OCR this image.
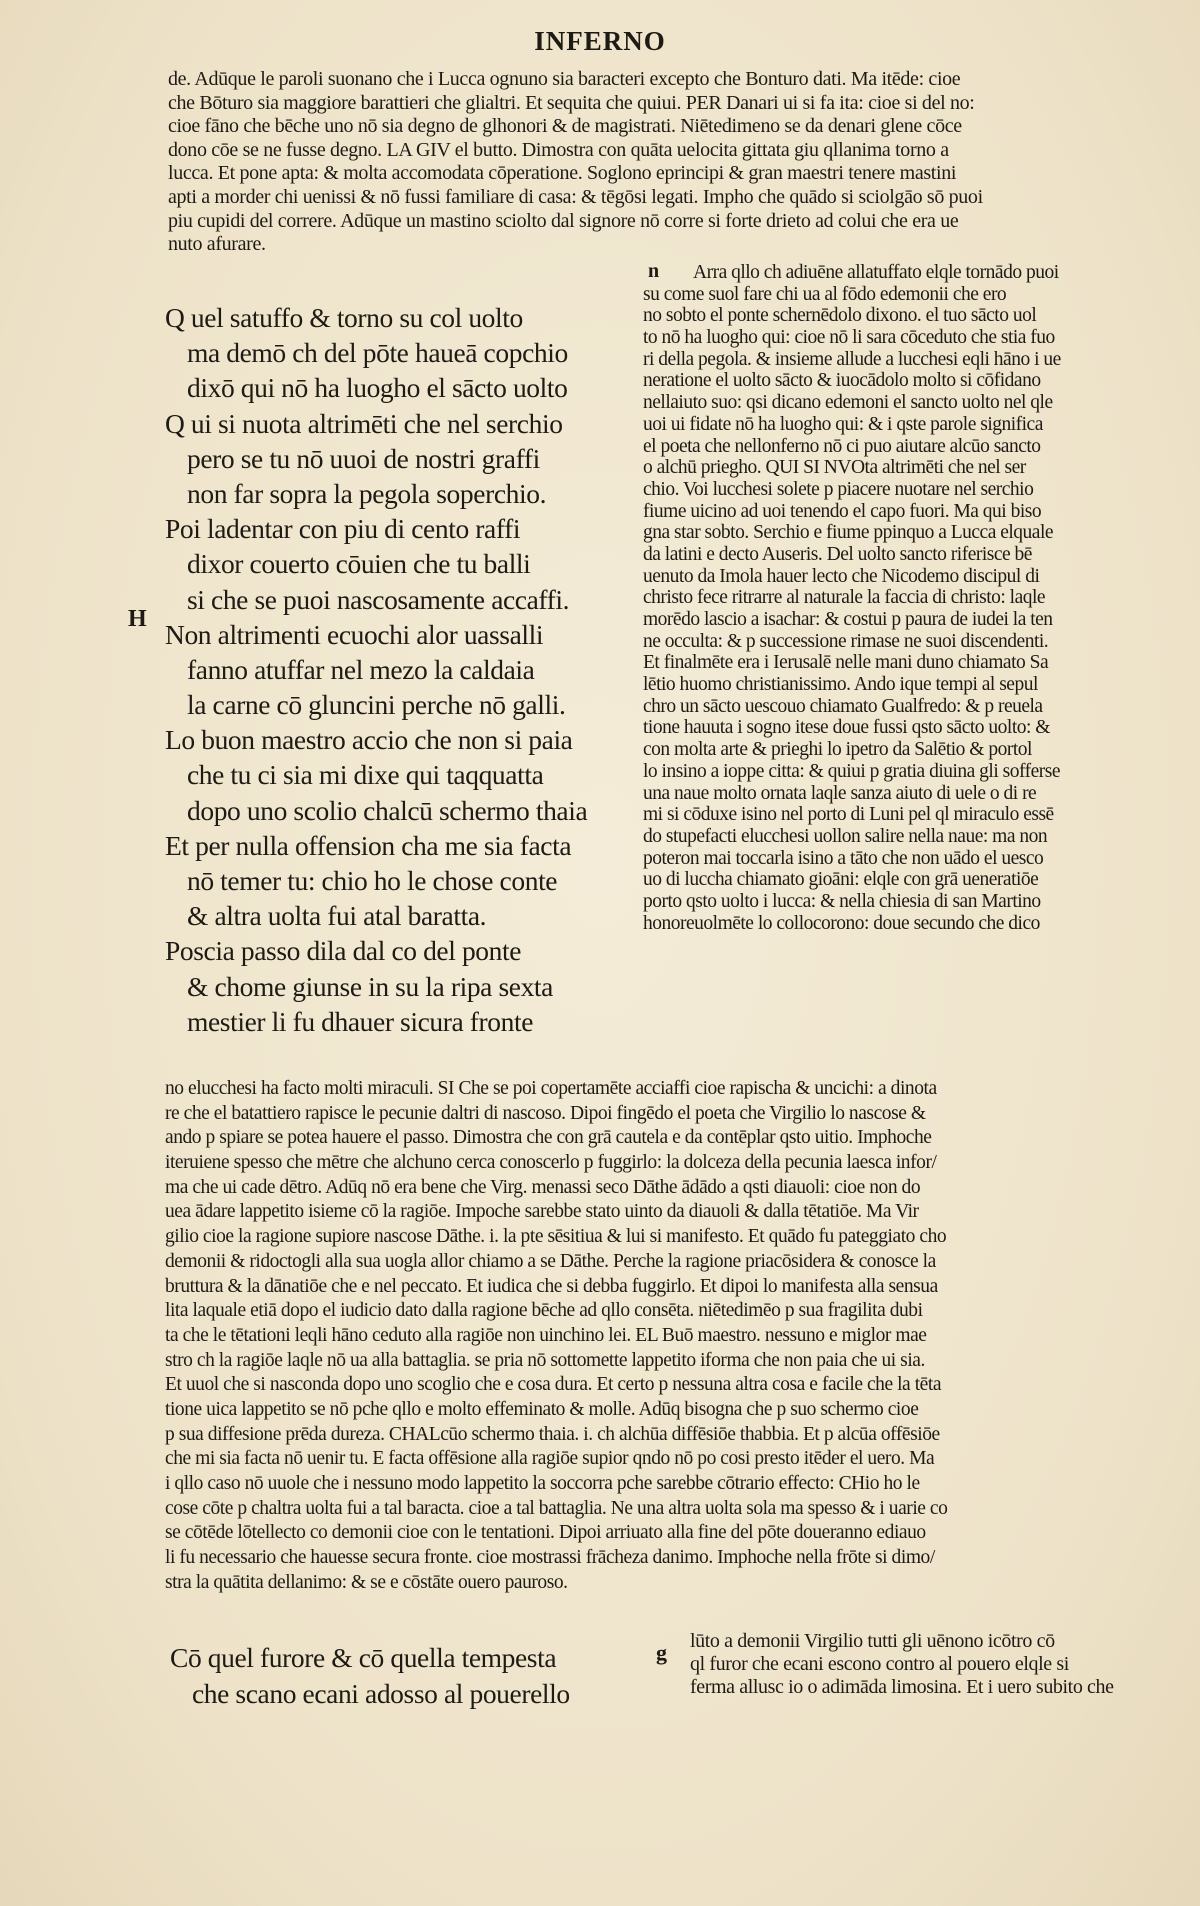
INFERNO
de. Adūque le paroli suonano che i Lucca ognuno sia baracteri excepto che Bonturo dati. Ma itēde: cioe
che Bōturo sia maggiore barattieri che glialtri. Et sequita che quiui. PER Danari ui si fa ita: cioe si del no:
cioe fāno che bēche uno nō sia degno de glhonori & de magistrati. Niētedimeno se da denari glene cōce
dono cōe se ne fusse degno. LA GIV el butto. Dimostra con quāta uelocita gittata giu qllanima torno a
lucca. Et pone apta: & molta accomodata cōperatione. Soglono eprincipi & gran maestri tenere mastini
apti a morder chi uenissi & nō fussi familiare di casa: & tēgōsi legati. Impho che quādo si sciolgāo sō puoi
piu cupidi del correre. Adūque un mastino sciolto dal signore nō corre si forte drieto ad colui che era ue
nuto afurare.
n
Q uel satuffo & torno su col uolto
ma demō ch del pōte haueā copchio
dixō qui nō ha luogho el sācto uolto
Q ui si nuota altrimēti che nel serchio
pero se tu nō uuoi de nostri graffi
non far sopra la pegola soperchio.
Poi ladentar con piu di cento raffi
dixor couerto cōuien che tu balli
si che se puoi nascosamente accaffi.
Non altrimenti ecuochi alor uassalli
fanno atuffar nel mezo la caldaia
la carne cō gluncini perche nō galli.
Lo buon maestro accio che non si paia
che tu ci sia mi dixe qui taqquatta
dopo uno scolio chalcū schermo thaia
Et per nulla offension cha me sia facta
nō temer tu: chio ho le chose conte
& altra uolta fui atal baratta.
Poscia passo dila dal co del ponte
& chome giunse in su la ripa sexta
mestier li fu dhauer sicura fronte
Arra qllo ch adiuēne allatuffato elqle tornādo puoi
su come suol fare chi ua al fōdo edemonii che ero
no sobto el ponte schernēdolo dixono. el tuo sācto uol
to nō ha luogho qui: cioe nō li sara cōceduto che stia fuo
ri della pegola. & insieme allude a lucchesi eqli hāno i ue
neratione el uolto sācto & iuocādolo molto si cōfidano
nellaiuto suo: qsi dicano edemoni el sancto uolto nel qle
uoi ui fidate nō ha luogho qui: & i qste parole significa
el poeta che nellonferno nō ci puo aiutare alcūo sancto
o alchū priegho. QUI SI NVOta altrimēti che nel ser
chio. Voi lucchesi solete p piacere nuotare nel serchio
fiume uicino ad uoi tenendo el capo fuori. Ma qui biso
gna star sobto. Serchio e fiume ppinquo a Lucca elquale
da latini e decto Auseris. Del uolto sancto riferisce bē
uenuto da Imola hauer lecto che Nicodemo discipul di
christo fece ritrarre al naturale la faccia di christo: laqle
morēdo lascio a isachar: & costui p paura de iudei la ten
ne occulta: & p successione rimase ne suoi discendenti.
Et finalmēte era i Ierusalē nelle mani duno chiamato Sa
lētio huomo christianissimo. Ando ique tempi al sepul
chro un sācto uescouo chiamato Gualfredo: & p reuela
tione hauuta i sogno itese doue fussi qsto sācto uolto: &
con molta arte & prieghi lo ipetro da Salētio & portol
lo insino a ioppe citta: & quiui p gratia diuina gli sofferse
una naue molto ornata laqle sanza aiuto di uele o di re
mi si cōduxe isino nel porto di Luni pel ql miraculo essē
do stupefacti elucchesi uollon salire nella naue: ma non
poteron mai toccarla isino a tāto che non uādo el uesco
uo di luccha chiamato gioāni: elqle con grā ueneratiōe
porto qsto uolto i lucca: & nella chiesia di san Martino
honoreuolmēte lo collocorono: doue secundo che dico
H
no elucchesi ha facto molti miraculi. SI Che se poi copertamēte acciaffi cioe rapischa & uncichi: a dinota
re che el batattiero rapisce le pecunie daltri di nascoso. Dipoi fingēdo el poeta che Virgilio lo nascose &
ando p spiare se potea hauere el passo. Dimostra che con grā cautela e da contēplar qsto uitio. Imphoche
iteruiene spesso che mētre che alchuno cerca conoscerlo p fuggirlo: la dolceza della pecunia laesca infor/
ma che ui cade dētro. Adūq nō era bene che Virg. menassi seco Dāthe ādādo a qsti diauoli: cioe non do
uea ādare lappetito isieme cō la ragiōe. Impoche sarebbe stato uinto da diauoli & dalla tētatiōe. Ma Vir
gilio cioe la ragione supiore nascose Dāthe. i. la pte sēsitiua & lui si manifesto. Et quādo fu pateggiato cho
demonii & ridoctogli alla sua uogla allor chiamo a se Dāthe. Perche la ragione priacōsidera & conosce la
bruttura & la dānatiōe che e nel peccato. Et iudica che si debba fuggirlo. Et dipoi lo manifesta alla sensua
lita laquale etiā dopo el iudicio dato dalla ragione bēche ad qllo consēta. niētedimēo p sua fragilita dubi
ta che le tētationi leqli hāno ceduto alla ragiōe non uinchino lei. EL Buō maestro. nessuno e miglor mae
stro ch la ragiōe laqle nō ua alla battaglia. se pria nō sottomette lappetito iforma che non paia che ui sia.
Et uuol che si nasconda dopo uno scoglio che e cosa dura. Et certo p nessuna altra cosa e facile che la tēta
tione uica lappetito se nō pche qllo e molto effeminato & molle. Adūq bisogna che p suo schermo cioe
p sua diffesione prēda dureza. CHALcūo schermo thaia. i. ch alchūa diffēsiōe thabbia. Et p alcūa offēsiōe
che mi sia facta nō uenir tu. E facta offēsione alla ragiōe supior qndo nō po cosi presto itēder el uero. Ma
i qllo caso nō uuole che i nessuno modo lappetito la soccorra pche sarebbe cōtrario effecto: CHio ho le
cose cōte p chaltra uolta fui a tal baracta. cioe a tal battaglia. Ne una altra uolta sola ma spesso & i uarie co
se cōtēde lōtellecto co demonii cioe con le tentationi. Dipoi arriuato alla fine del pōte doueranno ediauo
li fu necessario che hauesse secura fronte. cioe mostrassi frācheza danimo. Imphoche nella frōte si dimo/
stra la quātita dellanimo: & se e cōstāte ouero pauroso.
Cō quel furore & cō quella tempesta
che scano ecani adosso al pouerello
g lūto a demonii Virgilio tutti gli uēnono icōtro cō
ql furor che ecani escono contro al pouero elqle si
ferma allusc io o adimāda limosina. Et i uero subito che
